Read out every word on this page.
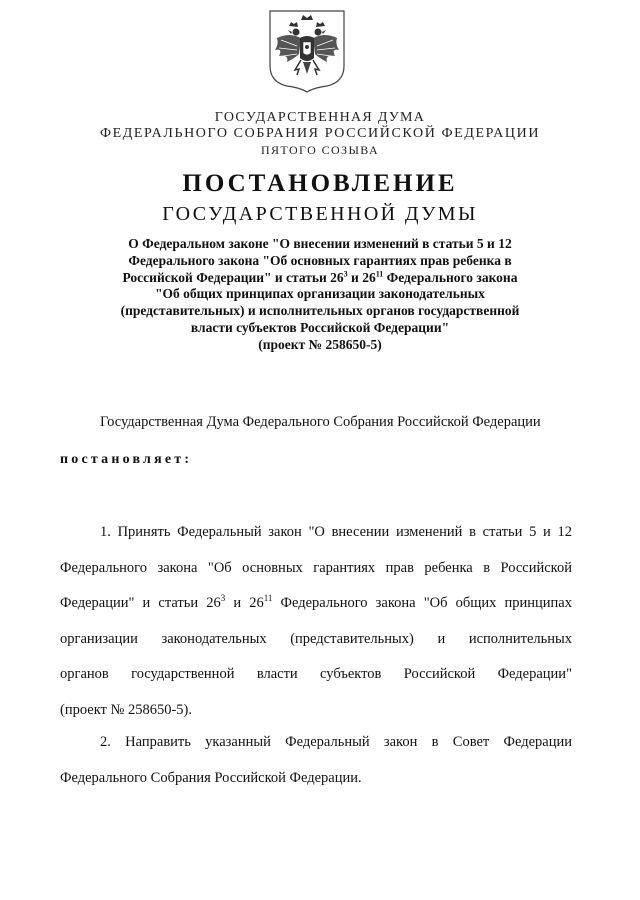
ГОСУДАРСТВЕННАЯ ДУМА
ФЕДЕРАЛЬНОГО СОБРАНИЯ РОССИЙСКОЙ ФЕДЕРАЦИИ
ПЯТОГО СОЗЫВА
ПОСТАНОВЛЕНИЕ
ГОСУДАРСТВЕННОЙ ДУМЫ
О Федеральном законе "О внесении изменений в статьи 5 и 12
Федерального закона "Об основных гарантиях прав ребенка в
Российской Федерации" и статьи $26^3$ и $26^{11}$ Федерального закона
"Об общих принципах организации законодательных
(представительных) и исполнительных органов государственной
власти субъектов Российской Федерации"
(проект № 258650-5)
Государственная Дума Федерального Собрания Российской Федерации
постановляет:
1. Принять Федеральный закон "О внесении изменений в статьи 5 и 12
Федерального закона "Об основных гарантиях прав ребенка в Российской
Федерации" и статьи $26^3$ и $26^{11}$ Федерального закона "Об общих принципах
организации законодательных (представительных) и исполнительных
органов государственной власти субъектов Российской Федерации"
(проект № 258650-5).
2. Направить указанный Федеральный закон в Совет Федерации
Федерального Собрания Российской Федерации.
